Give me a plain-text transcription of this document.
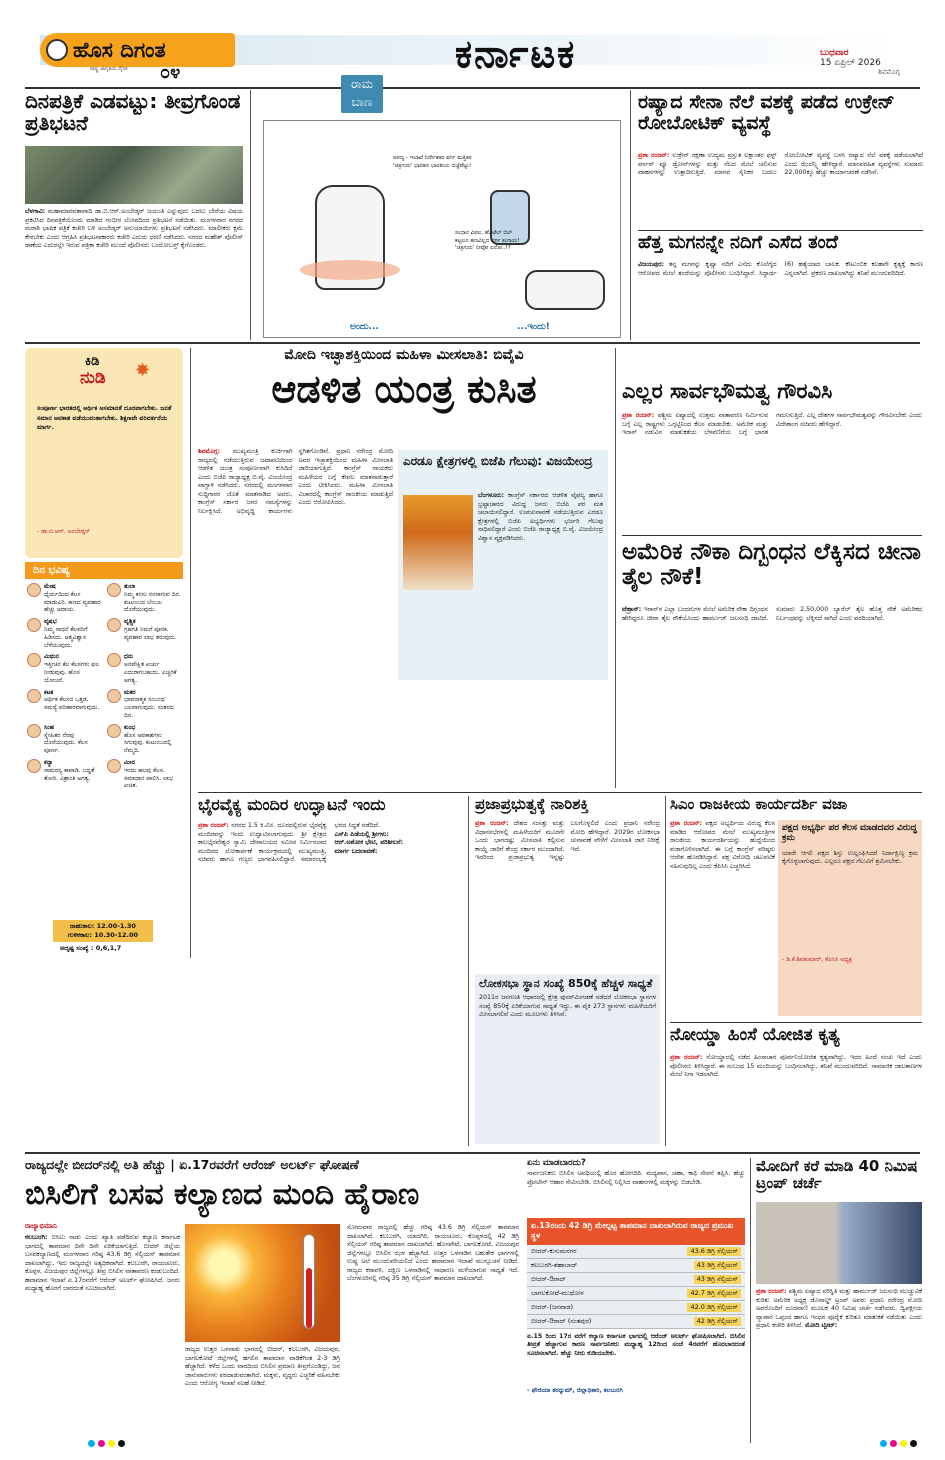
ಹೊಸ ದಿಗಂತ
ರಾಷ್ಟ್ರ ಜಾಗೃತಿಯ ದೈನಿಕ ೦೪	ಕರ್ನಾಟಕ	ಬುಧವಾರ
15 ಏಪ್ರಿಲ್ 2026
ಶಿವಮೊಗ್ಗ
ದಿನಪತ್ರಿಕೆ ಎಡವಟ್ಟು: ತೀವ್ರಗೊಂಡ ಪ್ರತಿಭಟನೆ
ಬೆಳಗಾವಿ: ಮಹಾಮಾನವತಾವಾದಿ ಡಾ.ಬಿ.ಆರ್.ಅಂಬೇಡ್ಕರ್ ಜಯಂತಿ ಎನ್ನುವುದು ಬದಲು ಬೇರೆಯ ವಿಷಯ ಪ್ರಕಟಿಸಿದ ದಿನಪತ್ರಿಕೆಯೊಂದು ಮಾಡಿದ ಗಂಭೀರ ಲೋಪದಿಂದ ಪ್ರತಿಭಟನೆ ನಡೆಯಿತು. ಮಂಗಳವಾರ ನಗರದ ಮರಾಠಿ ಭಾಷಿಕ ಪತ್ರಿಕೆ ಕಚೇರಿ ಬಳಿ ಅಂಬೇಡ್ಕರ್ ಅನುಯಾಯಿಗಳು ಪ್ರತಿಭಟನೆ ನಡೆಸಿದರು. ಮಾಲೀಕರು ಕ್ಷಮೆ ಕೇಳಬೇಕು ಎಂದು ಆಗ್ರಹಿಸಿ ಪ್ರತಿಭಟನಾಕಾರರು ಕಚೇರಿ ಎದುರು ಧರಣಿ ನಡೆಸಿದರು. ನಗರದ ಮಹೇಶ್ ಪೊಲೀಸ್ ಠಾಣೆಯ ಎದುರಲ್ಲೇ ಇರುವ ಪತ್ರಿಕಾ ಕಚೇರಿ ಮುಂದೆ ಪೊಲೀಸರು ಬಂದೋಬಸ್ತ್ ಕೈಗೊಂಡರು.
ರಾಮ
ಬಾಣ
ಅರಣ್ಯ - ಇಲಾಖೆ ನಿರ್ದೇಶಕರ ವರ್ಗ ಮತ್ತಿತರ 'ಚಿತ್ರಗುರು' ಭಾರತದ ಭಾರತೀಯ ಬಿಜ್ಜೆಪೆಟ್ಟು!
ಸಂಧಾನ ವಿಫಲ, ಹೊಟೆಲ್ ಬಿಲ್ ಕಟ್ಟಲೂ ಹಣವಿಲ್ಲದ ವರ್ಗ ಕಂಗಾಲು! 'ಚಿತ್ರಗುರು' ನೀವೋ ಏನೋ..!?
ಅಂದು...	...ಇಂದು!
ರಷ್ಯಾದ ಸೇನಾ ನೆಲೆ ವಶಕ್ಕೆ ಪಡೆದ ಉಕ್ರೇನ್ ರೋಬೋಟಿಕ್ ವ್ಯವಸ್ಥೆ
ಪ್ರಶಾ ರಂಜನ್: ಉಕ್ರೇನ್ ರಕ್ಷಣಾ ಉದ್ಯಮ ಪ್ರಸ್ತುತ ಲಕ್ಷಾಂತರ ಫಸ್ಟ್ ಪರ್ಸನ್ ವ್ಯೂ ಡ್ರೋನ್‌ಗಳನ್ನು ಮತ್ತು ನೆಲದ ಮೇಲೆ ಚಲಿಸುವ ವಾಹನಗಳನ್ನು ಉತ್ಪಾದಿಸುತ್ತಿದೆ. ಮಾನವ ಸೈನಿಕರ ಬದಲು ರೋಬೋಟಿಕ್ ವ್ಯವಸ್ಥೆ ಬಳಸಿ ರಷ್ಯಾದ ನೆಲೆ ವಶಕ್ಕೆ ಪಡೆಯಲಾಗಿದೆ ಎಂದು ಝೆಲೆನ್ಸ್ಕಿ ಹೇಳಿದ್ದಾರೆ. ಮಾನವರಹಿತ ವ್ಯವಸ್ಥೆಗಳು ಸುಮಾರು 22,000ಕ್ಕೂ ಹೆಚ್ಚು ಕಾರ್ಯಾಚರಣೆ ನಡೆಸಿವೆ.
ಹೆತ್ತ ಮಗನನ್ನೇ ನದಿಗೆ ಎಸೆದ ತಂದೆ
ವಿಜಯಪುರ: ತನ್ನ ಮಗನನ್ನು ಕೃಷ್ಣಾ ನದಿಗೆ ಎಸೆದು ಕೊಲೆಗೈದ ಆರೋಪದ ಮೇಲೆ ತಂದೆಯನ್ನು ಪೊಲೀಸರು ಬಂಧಿಸಿದ್ದಾರೆ. ಸಿದ್ಧಾರ್ಥ (6) ಹತ್ಯೆಯಾದ ಬಾಲಕ. ಕೌಟುಂಬಿಕ ಕಲಹವೇ ಕೃತ್ಯಕ್ಕೆ ಕಾರಣ ಎನ್ನಲಾಗಿದೆ. ಪ್ರಕರಣ ದಾಖಲಾಗಿದ್ದು ತನಿಖೆ ಮುಂದುವರಿದಿದೆ.
ಕಿಡಿ
ನುಡಿ ✸
ಸಂಪೂರ್ಣ ಭಾರತದಲ್ಲಿ ಆರ್ಥಿಕ ಅಸಮಾನತೆ ದೂರವಾಗಬೇಕು. ಜನತೆ ಸಮಾನ ಅವಕಾಶ ಪಡೆಯುವಂತಾಗಬೇಕು. ಶಿಕ್ಷಣವೇ ಪರಿವರ್ತನೆಯ ಮಾರ್ಗ.
- ಡಾ.ಬಿ.ಆರ್. ಅಂಬೇಡ್ಕರ್
ದಿನ ಭವಿಷ್ಯ
ಮೇಷ
ಧೈರ್ಯದಿಂದ ಕೆಲಸ ಮಾಡುವಿರಿ. ಹಣದ ವ್ಯವಹಾರ ಹೆಚ್ಚು ಆದಾಯ.
ತುಲಾ
ನಿಮ್ಮ ಕನಸು ನನಸಾಗುವ ದಿನ. ಕುಟುಂಬದ ಬೆಂಬಲ ದೊರೆಯುವುದು.
ವೃಷಭ
ನಿಮ್ಮ ಸಾಧನೆ ಕೆಲವರಿಗೆ ಹಿಡಿಸದು. ಆತ್ಮವಿಶ್ವಾಸ ಬೆಳೆಯುವುದು.
ವೃಶ್ಚಿಕ
ಗ್ರಹಗತಿ ನಿಮಗೆ ಪೂರಕ. ವ್ಯವಹಾರ ಲಾಭ ತರುವುದು.
ಮಿಥುನ
ಇತ್ತೀಚಿನ ಕೆಲ ಕೆಲಸಗಳು ಫಲ ನೀಡುವುವು. ಹೊಸ ಯೋಜನೆ.
ಧನು
ಅನಪೇಕ್ಷಿತ ಖರ್ಚು ಎದುರಾಗಬಹುದು. ಎಚ್ಚರಿಕೆ ಅಗತ್ಯ.
ಕಟಕ
ಆರ್ಥಿಕ ಕೆಲಸದ ಒತ್ತಡ. ಸಮಸ್ಯೆ ಪರಿಹಾರವಾಗುವುದು.
ಮಕರ
ಭಾವನಾತ್ಮಕ ಸಂಬಂಧ ಬಲವಾಗುವುದು. ಸಂತಸದ ದಿನ.
ಸಿಂಹ
ಸ್ನೇಹಿತರ ನೆರವು ದೊರೆಯುವುದು. ಕೆಲಸ ಪೂರ್ಣ.
ಕುಂಭ
ಹೊಸ ಅವಕಾಶಗಳು ಸಿಗುವುವು. ಕುಟುಂಬದಲ್ಲಿ ನೆಮ್ಮದಿ.
ಕನ್ಯಾ
ಸಾಮರಸ್ಯ ಕಾಪಾಡಿ. ಬದ್ಧತೆ ತೋರಿ. ವಿಶ್ರಾಂತಿ ಅಗತ್ಯ.
ಮೀನ
ಇಂದು ಹಲವು ಕೆಲಸ. ಸಮಾಧಾನ ಪಾಲಿಸಿ. ಲಾಭ ಖಚಿತ.
ರಾಹುಕಾಲ: 12.00-1.30
ಗುಳಿಕಕಾಲ: 10.30-12.00
ಅದೃಷ್ಟ ಸಂಖ್ಯೆ : 0,6,1,7
ಮೋದಿ ಇಚ್ಛಾಶಕ್ತಿಯಿಂದ ಮಹಿಳಾ ಮೀಸಲಾತಿ: ಬಿವೈವಿ
ಆಡಳಿತ ಯಂತ್ರ ಕುಸಿತ
ಶಿವಮೊಗ್ಗ: ಮುಖ್ಯಮಂತ್ರಿ ಕುರ್ಚಿಗಾಗಿ ರಾಜ್ಯದಲ್ಲಿ ನಡೆಯುತ್ತಿರುವ ಜಟಾಪಟಿಯಿಂದ ಆಡಳಿತ ಯಂತ್ರ ಸಂಪೂರ್ಣವಾಗಿ ಕುಸಿದಿದೆ ಎಂದು ಬಿಜೆಪಿ ರಾಜ್ಯಾಧ್ಯಕ್ಷ ಬಿ.ವೈ. ವಿಜಯೇಂದ್ರ ವಾಗ್ದಾಳಿ ನಡೆಸಿದರು. ನಗರದಲ್ಲಿ ಮಂಗಳವಾರ ಸುದ್ದಿಗಾರರ ಜೊತೆ ಮಾತನಾಡಿದ ಅವರು, ಕಾಂಗ್ರೆಸ್ ಸರ್ಕಾರ ಜನರ ಸಮಸ್ಯೆಗಳನ್ನು ನಿರ್ಲಕ್ಷಿಸಿದೆ. ಅಭಿವೃದ್ಧಿ ಕಾರ್ಯಗಳು ಸ್ಥಗಿತಗೊಂಡಿವೆ. ಪ್ರಧಾನಿ ನರೇಂದ್ರ ಮೋದಿ ಅವರ ಇಚ್ಛಾಶಕ್ತಿಯಿಂದ ಮಹಿಳಾ ಮೀಸಲಾತಿ ಜಾರಿಯಾಗುತ್ತಿದೆ. ಕಾಂಗ್ರೆಸ್ ನಾಯಕರು ಮಹಿಳೆಯರ ಬಗ್ಗೆ ಕೇವಲ ಮಾತನಾಡುತ್ತಾರೆ ಎಂದು ಟೀಕಿಸಿದರು. ಮಹಿಳಾ ಮೀಸಲಾತಿ ವಿಚಾರದಲ್ಲಿ ಕಾಂಗ್ರೆಸ್ ರಾಜಕೀಯ ಮಾಡುತ್ತಿದೆ ಎಂದು ಆರೋಪಿಸಿದರು.
ಎರಡೂ ಕ್ಷೇತ್ರಗಳಲ್ಲಿ ಬಿಜೆಪಿ ಗೆಲುವು: ವಿಜಯೇಂದ್ರ
ಬೆಂಗಳೂರು: ಕಾಂಗ್ರೆಸ್ ಸರ್ಕಾರದ ಆಡಳಿತ ವೈಫಲ್ಯ ಹಾಗೂ ಭ್ರಷ್ಟಾಚಾರದ ವಿರುದ್ಧ ಜನರು ಬಿಜೆಪಿ ಪರ ಮತ ಚಲಾಯಿಸಲಿದ್ದಾರೆ. ಉಪಚುನಾವಣೆ ನಡೆಯುತ್ತಿರುವ ಎರಡೂ ಕ್ಷೇತ್ರಗಳಲ್ಲಿ ಬಿಜೆಪಿ ಅಭ್ಯರ್ಥಿಗಳು ಭರ್ಜರಿ ಗೆಲುವು ಸಾಧಿಸಲಿದ್ದಾರೆ ಎಂದು ಬಿಜೆಪಿ ರಾಜ್ಯಾಧ್ಯಕ್ಷ ಬಿ.ವೈ. ವಿಜಯೇಂದ್ರ ವಿಶ್ವಾಸ ವ್ಯಕ್ತಪಡಿಸಿದರು.
ಎಲ್ಲರ ಸಾರ್ವಭೌಮತ್ವ ಗೌರವಿಸಿ
ಪ್ರಶಾ ರಂಜನ್: ಪಶ್ಚಿಮ ಏಷ್ಯಾದಲ್ಲಿ ಉತ್ತಮ ವಾತಾವರಣ ನಿರ್ಮಿಸುವ ಬಗ್ಗೆ ಎಲ್ಲ ರಾಷ್ಟ್ರಗಳು ಒಗ್ಗಟ್ಟಿನಿಂದ ಕೆಲಸ ಮಾಡಬೇಕು. ಅಮೆರಿಕ ಮತ್ತು ಇರಾನ್ ನಡುವಿನ ಮಾತುಕತೆಯ ಬೆಳವಣಿಗೆಯ ಬಗ್ಗೆ ಭಾರತ ಗಮನಿಸುತ್ತಿದೆ. ಎಲ್ಲ ದೇಶಗಳ ಸಾರ್ವಭೌಮತ್ವವನ್ನು ಗೌರವಿಸಬೇಕು ಎಂದು ವಿದೇಶಾಂಗ ಸಚಿವರು ಹೇಳಿದ್ದಾರೆ.
ಅಮೆರಿಕ ನೌಕಾ ದಿಗ್ಬಂಧನ ಲೆಕ್ಕಿಸದ ಚೀನಾ ತೈಲ ನೌಕೆ!
ಟೆಹ್ರಾನ್: ಇರಾನ್‌ನ ಎಲ್ಲಾ ಬಂದರುಗಳ ಮೇಲೆ ಅಮೆರಿಕ ನೌಕಾ ದಿಗ್ಬಂಧನ ಹೇರಿದ್ದರೂ ಚೀನಾ ತೈಲ ನೌಕೆಯೊಂದು ಹಾರ್ಮುಜ್ ಜಲಸಂಧಿ ದಾಟಿದೆ. ಸುಮಾರು 2,50,000 ಬ್ಯಾರೆಲ್ ತೈಲ ಹೊತ್ತ ನೌಕೆ ಅಮೆರಿಕದ ನಿರ್ಬಂಧವನ್ನು ಲೆಕ್ಕಿಸದೆ ಸಾಗಿದೆ ಎಂದು ವರದಿಯಾಗಿದೆ.
ಭೈರವೈಕ್ಯ ಮಂದಿರ ಉದ್ಘಾಟನೆ ಇಂದು
ಪ್ರಶಾ ರಂಜನ್: ನಗರದ 1.5 ಕಿ.ಮೀ. ದೂರದಲ್ಲಿರುವ ಭೈರವೈಕ್ಯ ಮಂದಿರವನ್ನು ಇಂದು ಉದ್ಘಾಟಿಸಲಾಗುವುದು. ಶ್ರೀ ಕ್ಷೇತ್ರದ ಕಾಲಭೈರವೇಶ್ವರ ಸ್ವಾಮಿ ದೇವಾಲಯದ ಸಮೀಪ ನಿರ್ಮಿಸಲಾದ ಮಂದಿರದ ಲೋಕಾರ್ಪಣೆ ಕಾರ್ಯಕ್ರಮದಲ್ಲಿ ಮುಖ್ಯಮಂತ್ರಿ, ಸಚಿವರು ಹಾಗೂ ಗಣ್ಯರು ಭಾಗವಹಿಸಲಿದ್ದಾರೆ. ಸಮಾರಂಭಕ್ಕೆ ಭರದ ಸಿದ್ಧತೆ ನಡೆದಿದೆ.
ಎಸ್‌ಪಿ ಪಿಡೆಯಲ್ಲಿ ಶ್ರೀಗಳು:
ಆರ್.ಅಶೋಕ ಭೇಟಿ, ಪರಿಶೀಲನೆ:
ಮಾರ್ಗ ಬದಲಾವಣೆ:
ಪ್ರಜಾಪ್ರಭುತ್ವಕ್ಕೆ ನಾರಿಶಕ್ತಿ
ಪ್ರಶಾ ರಂಜನ್: ದೇಶದ ಸಂಸತ್ತು ಮತ್ತು ವಿಧಾನಸಭೆಗಳಲ್ಲಿ ಮಹಿಳೆಯರಿಗೆ ಮೂರನೇ ಒಂದು ಭಾಗದಷ್ಟು ಮೀಸಲಾತಿ ಕಲ್ಪಿಸುವ ಕಾಯ್ದೆ ಜಾರಿಗೆ ಕೇಂದ್ರ ಸರ್ಕಾರ ಮುಂದಾಗಿದೆ. ಇದರಿಂದ ಪ್ರಜಾಪ್ರಭುತ್ವ ಇನ್ನಷ್ಟು ಬಲಗೊಳ್ಳಲಿದೆ ಎಂದು ಪ್ರಧಾನಿ ನರೇಂದ್ರ ಮೋದಿ ಹೇಳಿದ್ದಾರೆ. 2029ರ ಲೋಕಸಭಾ ಚುನಾವಣೆ ವೇಳೆಗೆ ಮೀಸಲಾತಿ ಜಾರಿ ನಿರೀಕ್ಷೆ ಇದೆ.
ಲೋಕಸಭಾ ಸ್ಥಾನ ಸಂಖ್ಯೆ 850ಕ್ಕೆ ಹೆಚ್ಚಳ ಸಾಧ್ಯತೆ
2011ರ ಜನಗಣತಿ ಆಧಾರದಲ್ಲಿ ಕ್ಷೇತ್ರ ಪುನರ್‌ವಿಂಗಡಣೆ ನಡೆದರೆ ಲೋಕಸಭಾ ಸ್ಥಾನಗಳ ಸಂಖ್ಯೆ 850ಕ್ಕೆ ಏರಿಕೆಯಾಗುವ ಸಾಧ್ಯತೆ ಇದ್ದು, ಈ ಪೈಕಿ 273 ಸ್ಥಾನಗಳು ಮಹಿಳೆಯರಿಗೆ ಮೀಸಲಾಗಲಿವೆ ಎಂದು ಮೂಲಗಳು ತಿಳಿಸಿವೆ.
ಸಿಎಂ ರಾಜಕೀಯ ಕಾರ್ಯದರ್ಶಿ ವಜಾ
ಪ್ರಶಾ ರಂಜನ್: ಪಕ್ಷದ ಅಭ್ಯರ್ಥಿಯ ವಿರುದ್ಧ ಕೆಲಸ ಮಾಡಿದ ಆರೋಪದ ಮೇಲೆ ಮುಖ್ಯಮಂತ್ರಿಗಳ ರಾಜಕೀಯ ಕಾರ್ಯದರ್ಶಿಯನ್ನು ಹುದ್ದೆಯಿಂದ ವಜಾಗೊಳಿಸಲಾಗಿದೆ. ಈ ಬಗ್ಗೆ ಕಾಂಗ್ರೆಸ್ ವರಿಷ್ಠರು ಆದೇಶ ಹೊರಡಿಸಿದ್ದಾರೆ. ಪಕ್ಷ ವಿರೋಧಿ ಚಟುವಟಿಕೆ ಸಹಿಸುವುದಿಲ್ಲ ಎಂದು ಕೆಪಿಸಿಸಿ ಎಚ್ಚರಿಸಿದೆ.
ಪಕ್ಷದ ಅಭ್ಯರ್ಥಿ ಪರ ಕೆಲಸ ಮಾಡದವರ ವಿರುದ್ಧ ಕ್ರಮ
ಯಾರೇ ಆಗಲಿ ಪಕ್ಷದ ಶಿಸ್ತು ಉಲ್ಲಂಘಿಸಿದರೆ ನಿರ್ದಾಕ್ಷಿಣ್ಯ ಕ್ರಮ ಕೈಗೊಳ್ಳಲಾಗುವುದು. ಎಲ್ಲರೂ ಪಕ್ಷದ ಗೆಲುವಿಗೆ ಶ್ರಮಿಸಬೇಕು.
- ಡಿ.ಕೆ.ಶಿವಕುಮಾರ್, ಕೆಪಿಸಿಸಿ ಅಧ್ಯಕ್ಷ
ನೋಯ್ಡಾ ಹಿಂಸೆ ಯೋಜಿತ ಕೃತ್ಯ
ಪ್ರಶಾ ರಂಜನ್: ನೋಯ್ಡಾದಲ್ಲಿ ನಡೆದ ಹಿಂಸಾಚಾರ ಪೂರ್ವನಿಯೋಜಿತ ಕೃತ್ಯವಾಗಿದ್ದು, ಇದರ ಹಿಂದೆ ಸಂಚು ಇದೆ ಎಂದು ಪೊಲೀಸರು ತಿಳಿಸಿದ್ದಾರೆ. ಈ ಸಂಬಂಧ 15 ಮಂದಿಯನ್ನು ಬಂಧಿಸಲಾಗಿದ್ದು, ತನಿಖೆ ಮುಂದುವರಿದಿದೆ. ಸಾಮಾಜಿಕ ಜಾಲತಾಣಗಳ ಮೇಲೆ ನಿಗಾ ಇಡಲಾಗಿದೆ.
ರಾಜ್ಯದಲ್ಲೇ ಬೀದರ್‌ನಲ್ಲಿ ಅತಿ ಹೆಚ್ಚು | ಏ.17ರವರೆಗೆ ಆರೆಂಜ್ ಅಲರ್ಟ್ ಘೋಷಣೆ
ಬಿಸಿಲಿಗೆ ಬಸವ ಕಲ್ಯಾಣದ ಮಂದಿ ಹೈರಾಣ
ರಾಜ್ಯಾಭಿಮಾನಿ
ಕಲಬುರಗಿ: ಬಿಸಿಲು ನಾಡು ಎಂದು ಖ್ಯಾತಿ ಪಡೆದಿರುವ ಕಲ್ಯಾಣ ಕರ್ನಾಟಕ ಭಾಗದಲ್ಲಿ ತಾಪಮಾನ ದಿನೇ ದಿನೇ ಏರಿಕೆಯಾಗುತ್ತಿದೆ. ಬೀದರ್ ಜಿಲ್ಲೆಯ ಬಸವಕಲ್ಯಾಣದಲ್ಲಿ ಮಂಗಳವಾರ ಗರಿಷ್ಠ 43.6 ಡಿಗ್ರಿ ಸೆಲ್ಸಿಯಸ್ ತಾಪಮಾನ ದಾಖಲಾಗಿದ್ದು, ಇದು ರಾಜ್ಯದಲ್ಲೇ ಅತ್ಯಧಿಕವಾಗಿದೆ. ಕಲಬುರಗಿ, ರಾಯಚೂರು, ಕೊಪ್ಪಳ, ವಿಜಯಪುರ ಜಿಲ್ಲೆಗಳಲ್ಲೂ ತೀವ್ರ ಬಿಸಿಲಿನ ವಾತಾವರಣ ಕಂಡುಬಂದಿದೆ. ಹವಾಮಾನ ಇಲಾಖೆ ಏ.17ರವರೆಗೆ ಆರೆಂಜ್ ಅಲರ್ಟ್ ಘೋಷಿಸಿದೆ. ಜನರು ಮಧ್ಯಾಹ್ನ ಹೊರಗೆ ಬಾರದಂತೆ ಸೂಚಿಸಲಾಗಿದೆ.
ರಾಜ್ಯದ ಉತ್ತರ ಒಳನಾಡು ಭಾಗದಲ್ಲಿ ಬೀದರ್, ಕಲಬುರಗಿ, ವಿಜಯಪುರ, ಬಾಗಲಕೋಟೆ ಜಿಲ್ಲೆಗಳಲ್ಲಿ ಹಗಲಿನ ತಾಪಮಾನ ವಾಡಿಕೆಗಿಂತ 2-3 ಡಿಗ್ರಿ ಹೆಚ್ಚಾಗಿದೆ. ಕಳೆದ ಒಂದು ವಾರದಿಂದ ಬಿಸಿಲಿನ ಪ್ರಮಾಣ ತೀವ್ರಗೊಂಡಿದ್ದು, ಜನ ಜಾನುವಾರುಗಳು ಪರದಾಡುವಂತಾಗಿದೆ. ಮಕ್ಕಳು, ವೃದ್ಧರು ಎಚ್ಚರಿಕೆ ವಹಿಸಬೇಕು ಎಂದು ಆರೋಗ್ಯ ಇಲಾಖೆ ಸಲಹೆ ನೀಡಿದೆ.
ಸೋಮವಾರ ರಾಜ್ಯದಲ್ಲಿ ಹೆಚ್ಚು ಗರಿಷ್ಠ 43.6 ಡಿಗ್ರಿ ಸೆಲ್ಸಿಯಸ್ ತಾಪಮಾನ ದಾಖಲಾಗಿದೆ. ಕಲಬುರಗಿ, ಯಾದಗಿರಿ, ರಾಯಚೂರು, ಕೊಪ್ಪಳದಲ್ಲಿ 42 ಡಿಗ್ರಿ ಸೆಲ್ಸಿಯಸ್ ಗರಿಷ್ಠ ತಾಪಮಾನ ದಾಖಲಾಗಿದೆ. ಹೊಸಪೇಟೆ, ಬಾಗಲಕೋಟೆ, ವಿಜಯಪುರ ಜಿಲ್ಲೆಗಳಲ್ಲೂ ಬಿಸಿಲಿನ ಝಳ ಹೆಚ್ಚಾಗಿದೆ. ಉತ್ತರ ಒಳನಾಡಿನ ಬಹುತೇಕ ಭಾಗಗಳಲ್ಲಿ ಉಷ್ಣ ಅಲೆ ಮುಂದುವರಿಯಲಿದೆ ಎಂದು ಹವಾಮಾನ ಇಲಾಖೆ ಮುನ್ಸೂಚನೆ ನೀಡಿದೆ. ರಾಜ್ಯದ ಕರಾವಳಿ, ದಕ್ಷಿಣ ಒಳನಾಡಿನಲ್ಲಿ ಸಾಧಾರಣ ಮಳೆಯಾಗುವ ಸಾಧ್ಯತೆ ಇದೆ. ಬೆಂಗಳೂರಿನಲ್ಲಿ ಗರಿಷ್ಠ 35 ಡಿಗ್ರಿ ಸೆಲ್ಸಿಯಸ್ ತಾಪಮಾನ ದಾಖಲಾಗಿದೆ.
ಏನು ಮಾಡಬಾರದು?
ಸಾರ್ವಜನಿಕರು ಬಿಸಿಲಿನ ಅವಧಿಯಲ್ಲಿ ಹೊರ ಹೋಗದಿರಿ. ಮದ್ಯಪಾನ, ಚಹಾ, ಕಾಫಿ ಸೇವನೆ ತಪ್ಪಿಸಿ. ಹೆಚ್ಚು ಪ್ರೋಟೀನ್ ಆಹಾರ ಸೇವಿಸಬೇಡಿ. ಬಿಸಿಲಿನಲ್ಲಿ ನಿಲ್ಲಿಸಿದ ವಾಹನಗಳಲ್ಲಿ ಮಕ್ಕಳನ್ನು ಬಿಡಬೇಡಿ.
ಏ.13ರಂದು 42 ಡಿಗ್ರಿ ಮೇಲ್ಪಟ್ಟ ತಾಪಮಾನ ದಾಖಲಾಗಿರುವ ರಾಜ್ಯದ ಪ್ರಮುಖ ಸ್ಥಳ
ಬೀದರ್-ಕುಸುಮನಗರ	43.6 ಡಿಗ್ರಿ ಸೆಲ್ಸಿಯಸ್
ಕಲಬುರಗಿ-ಶಹಾಬಾದ್	43 ಡಿಗ್ರಿ ಸೆಲ್ಸಿಯಸ್
ಬೀದರ್-ಔರಾದ್	43 ಡಿಗ್ರಿ ಸೆಲ್ಸಿಯಸ್
ಬಾಗಲಕೋಟೆ-ಮುಧೋಳ	42.7 ಡಿಗ್ರಿ ಸೆಲ್ಸಿಯಸ್
ಬೀದರ್-(ಜನವಾಡ)	42.0 ಡಿಗ್ರಿ ಸೆಲ್ಸಿಯಸ್
ಬೀದರ್-ಔರಾದ್ (ಸಂತಪುರ)	42 ಡಿಗ್ರಿ ಸೆಲ್ಸಿಯಸ್
ಏ.15 ರಿಂದ 17ರ ವರೆಗೆ ಕಲ್ಯಾಣ ಕರ್ನಾಟಕ ಭಾಗದಲ್ಲಿ ಆರೆಂಜ್ ಅಲರ್ಟ್ ಘೋಷಿಸಲಾಗಿದೆ. ಬಿಸಿಲಿನ ತೀವ್ರತೆ ಹೆಚ್ಚಾಗುವ ಕಾರಣ ಸಾರ್ವಜನಿಕರು ಮಧ್ಯಾಹ್ನ 12ರಿಂದ ಸಂಜೆ 4ರವರೆಗೆ ಹೊರಬಾರದಂತೆ ಸೂಚಿಸಲಾಗಿದೆ. ಹೆಚ್ಚು ನೀರು ಕುಡಿಯಬೇಕು.
- ಫೌಜಿಯಾ ತರನ್ನುಮ್, ಜಿಲ್ಲಾಧಿಕಾರಿ, ಕಲಬುರಗಿ
ಮೋದಿಗೆ ಕರೆ ಮಾಡಿ 40 ನಿಮಿಷ ಟ್ರಂಪ್ ಚರ್ಚೆ
ಪ್ರಶಾ ರಂಜನ್: ಪಶ್ಚಿಮ ಏಷ್ಯಾದ ಪರಿಸ್ಥಿತಿ ಮತ್ತು ಹಾರ್ಮುಜ್ ಜಲಸಂಧಿ ಮುಚ್ಚುವಿಕೆ ಕುರಿತು ಅಮೆರಿಕ ಅಧ್ಯಕ್ಷ ಡೊನಾಲ್ಡ್ ಟ್ರಂಪ್ ಅವರು ಪ್ರಧಾನಿ ನರೇಂದ್ರ ಮೋದಿ ಅವರೊಂದಿಗೆ ದೂರವಾಣಿ ಮೂಲಕ 40 ನಿಮಿಷ ಚರ್ಚೆ ನಡೆಸಿದರು. ದ್ವಿಪಕ್ಷೀಯ ವ್ಯಾಪಾರ ಒಪ್ಪಂದ ಹಾಗೂ ಇಂಧನ ಪೂರೈಕೆ ಕುರಿತೂ ಮಾತುಕತೆ ನಡೆಯಿತು ಎಂದು ಪ್ರಧಾನಿ ಕಚೇರಿ ತಿಳಿಸಿದೆ. ಮೋದಿ ಟ್ವೀಟ್:
